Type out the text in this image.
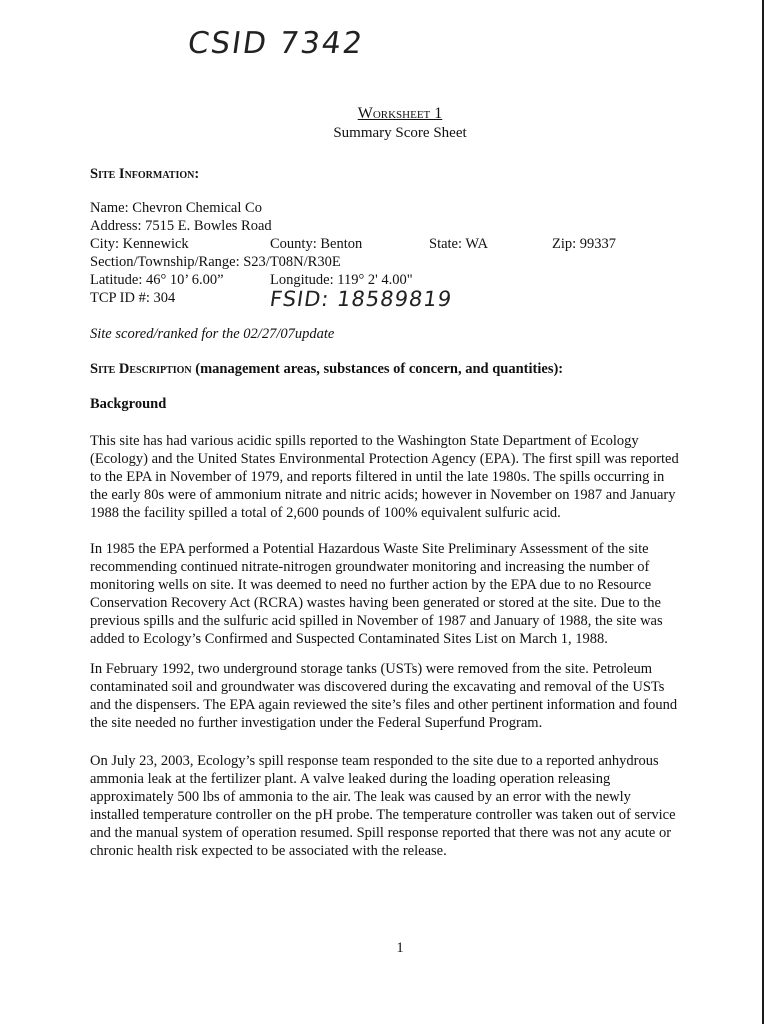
CSID 7342
Worksheet 1
Summary Score Sheet
Site Information:
Name: Chevron Chemical Co
Address: 7515 E. Bowles Road
City: Kennewick	County: Benton	State: WA	Zip: 99337
Section/Township/Range: S23/T08N/R30E
Latitude: 46° 10’ 6.00”	Longitude: 119° 2' 4.00"
TCP ID #: 304	FSID: 18589819
Site scored/ranked for the 02/27/07update
Site Description (management areas, substances of concern, and quantities):
Background
This site has had various acidic spills reported to the Washington State Department of Ecology
(Ecology) and the United States Environmental Protection Agency (EPA). The first spill was reported
to the EPA in November of 1979, and reports filtered in until the late 1980s. The spills occurring in
the early 80s were of ammonium nitrate and nitric acids; however in November on 1987 and January
1988 the facility spilled a total of 2,600 pounds of 100% equivalent sulfuric acid.
In 1985 the EPA performed a Potential Hazardous Waste Site Preliminary Assessment of the site
recommending continued nitrate-nitrogen groundwater monitoring and increasing the number of
monitoring wells on site. It was deemed to need no further action by the EPA due to no Resource
Conservation Recovery Act (RCRA) wastes having been generated or stored at the site. Due to the
previous spills and the sulfuric acid spilled in November of 1987 and January of 1988, the site was
added to Ecology’s Confirmed and Suspected Contaminated Sites List on March 1, 1988.
In February 1992, two underground storage tanks (USTs) were removed from the site. Petroleum
contaminated soil and groundwater was discovered during the excavating and removal of the USTs
and the dispensers. The EPA again reviewed the site’s files and other pertinent information and found
the site needed no further investigation under the Federal Superfund Program.
On July 23, 2003, Ecology’s spill response team responded to the site due to a reported anhydrous
ammonia leak at the fertilizer plant. A valve leaked during the loading operation releasing
approximately 500 lbs of ammonia to the air. The leak was caused by an error with the newly
installed temperature controller on the pH probe. The temperature controller was taken out of service
and the manual system of operation resumed. Spill response reported that there was not any acute or
chronic health risk expected to be associated with the release.
1
